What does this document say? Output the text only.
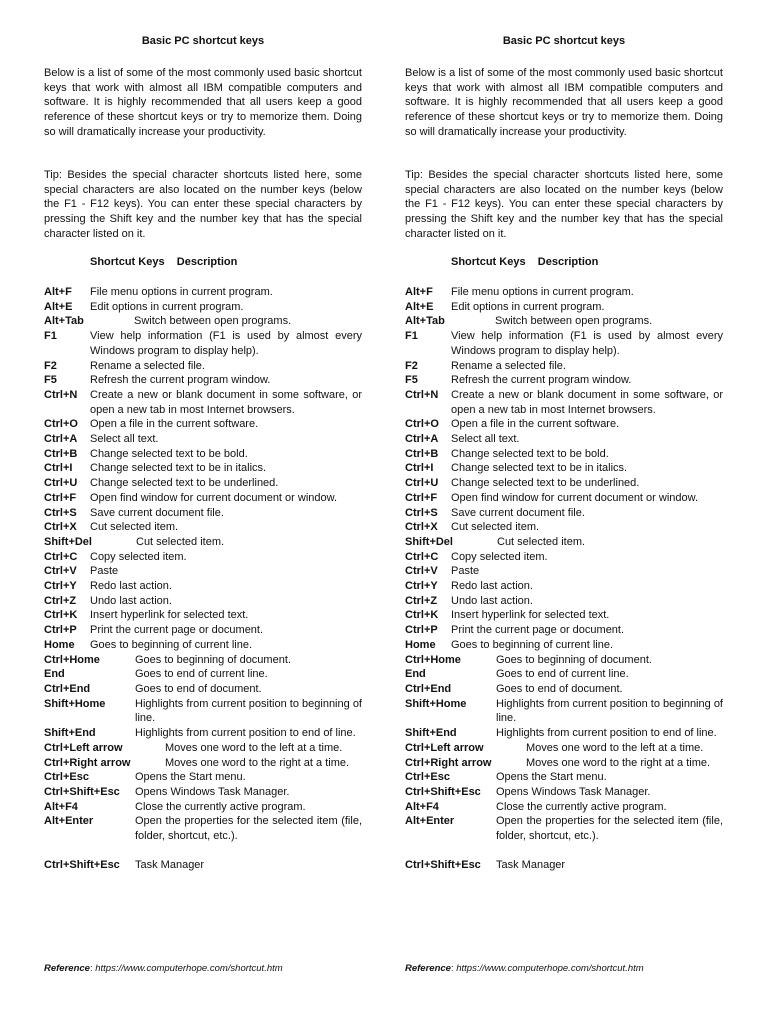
Basic PC shortcut keys

Below is a list of some of the most commonly used basic shortcut keys that work with almost all IBM compatible computers and software. It is highly recommended that all users keep a good reference of these shortcut keys or try to memorize them. Doing so will dramatically increase your productivity.

Tip: Besides the special character shortcuts listed here, some special characters are also located on the number keys (below the F1 - F12 keys). You can enter these special characters by pressing the Shift key and the number key that has the special character listed on it.

Shortcut Keys    Description
Alt+F	File menu options in current program.
Alt+E	Edit options in current program.
Alt+Tab	Switch between open programs.
F1	View help information (F1 is used by almost every Windows program to display help).
F2	Rename a selected file.
F5	Refresh the current program window.
Ctrl+N	Create a new or blank document in some software, or open a new tab in most Internet browsers.
Ctrl+O	Open a file in the current software.
Ctrl+A	Select all text.
Ctrl+B	Change selected text to be bold.
Ctrl+I	Change selected text to be in italics.
Ctrl+U	Change selected text to be underlined.
Ctrl+F	Open find window for current document or window.
Ctrl+S	Save current document file.
Ctrl+X	Cut selected item.
Shift+Del	Cut selected item.
Ctrl+C	Copy selected item.
Ctrl+V	Paste
Ctrl+Y	Redo last action.
Ctrl+Z	Undo last action.
Ctrl+K	Insert hyperlink for selected text.
Ctrl+P	Print the current page or document.
Home	Goes to beginning of current line.
Ctrl+Home	Goes to beginning of document.
End	Goes to end of current line.
Ctrl+End	Goes to end of document.
Shift+Home	Highlights from current position to beginning of line.
Shift+End	Highlights from current position to end of line.
Ctrl+Left arrow	Moves one word to the left at a time.
Ctrl+Right arrow	Moves one word to the right at a time.
Ctrl+Esc	Opens the Start menu.
Ctrl+Shift+Esc	Opens Windows Task Manager.
Alt+F4	Close the currently active program.
Alt+Enter	Open the properties for the selected item (file, folder, shortcut, etc.).
Ctrl+Shift+Esc	Task Manager
Reference: https://www.computerhope.com/shortcut.htm
Basic PC shortcut keys

Below is a list of some of the most commonly used basic shortcut keys that work with almost all IBM compatible computers and software. It is highly recommended that all users keep a good reference of these shortcut keys or try to memorize them. Doing so will dramatically increase your productivity.

Tip: Besides the special character shortcuts listed here, some special characters are also located on the number keys (below the F1 - F12 keys). You can enter these special characters by pressing the Shift key and the number key that has the special character listed on it.

Shortcut Keys    Description
Alt+F	File menu options in current program.
Alt+E	Edit options in current program.
Alt+Tab	Switch between open programs.
F1	View help information (F1 is used by almost every Windows program to display help).
F2	Rename a selected file.
F5	Refresh the current program window.
Ctrl+N	Create a new or blank document in some software, or open a new tab in most Internet browsers.
Ctrl+O	Open a file in the current software.
Ctrl+A	Select all text.
Ctrl+B	Change selected text to be bold.
Ctrl+I	Change selected text to be in italics.
Ctrl+U	Change selected text to be underlined.
Ctrl+F	Open find window for current document or window.
Ctrl+S	Save current document file.
Ctrl+X	Cut selected item.
Shift+Del	Cut selected item.
Ctrl+C	Copy selected item.
Ctrl+V	Paste
Ctrl+Y	Redo last action.
Ctrl+Z	Undo last action.
Ctrl+K	Insert hyperlink for selected text.
Ctrl+P	Print the current page or document.
Home	Goes to beginning of current line.
Ctrl+Home	Goes to beginning of document.
End	Goes to end of current line.
Ctrl+End	Goes to end of document.
Shift+Home	Highlights from current position to beginning of line.
Shift+End	Highlights from current position to end of line.
Ctrl+Left arrow	Moves one word to the left at a time.
Ctrl+Right arrow	Moves one word to the right at a time.
Ctrl+Esc	Opens the Start menu.
Ctrl+Shift+Esc	Opens Windows Task Manager.
Alt+F4	Close the currently active program.
Alt+Enter	Open the properties for the selected item (file, folder, shortcut, etc.).
Ctrl+Shift+Esc	Task Manager
Reference: https://www.computerhope.com/shortcut.htm
